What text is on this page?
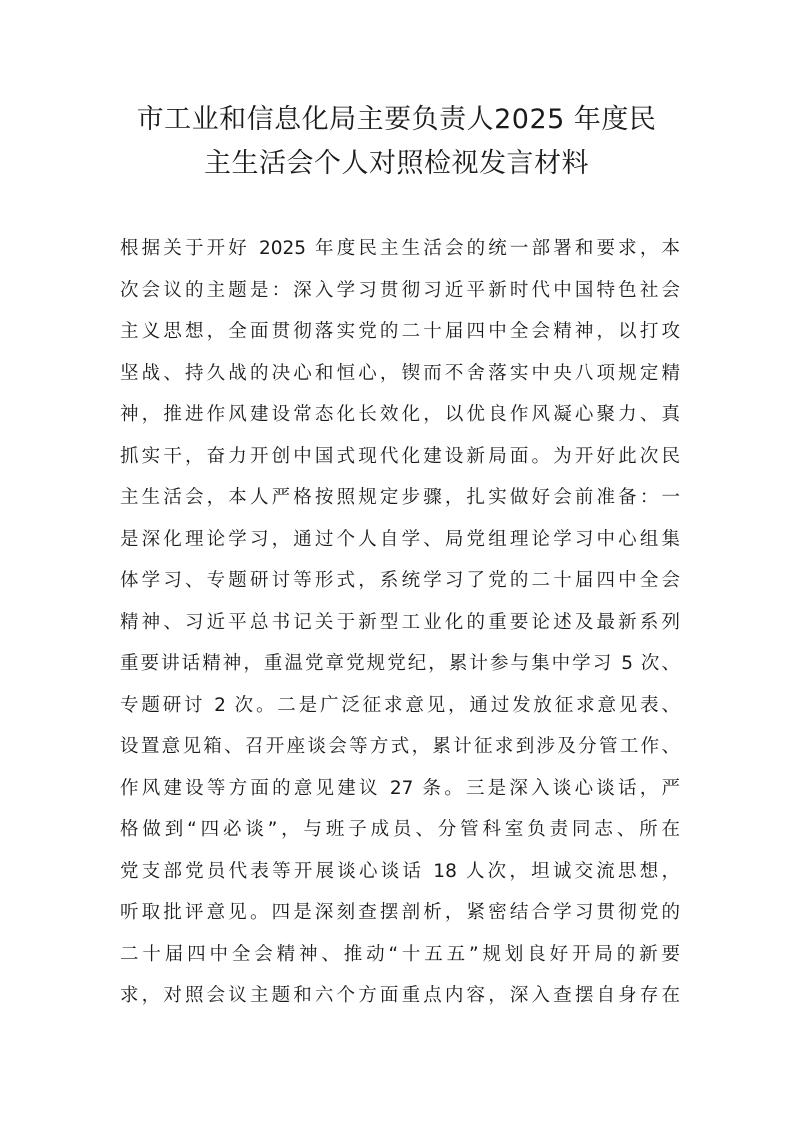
市工业和信息化局主要负责人2025 年度民
主生活会个人对照检视发言材料
根据关于开好 2025 年度民主生活会的统一部署和要求，本
次会议的主题是：深入学习贯彻习近平新时代中国特色社会
主义思想，全面贯彻落实党的二十届四中全会精神，以打攻
坚战、持久战的决心和恒心，锲而不舍落实中央八项规定精
神，推进作风建设常态化长效化，以优良作风凝心聚力、真
抓实干，奋力开创中国式现代化建设新局面。为开好此次民
主生活会，本人严格按照规定步骤，扎实做好会前准备：一
是深化理论学习，通过个人自学、局党组理论学习中心组集
体学习、专题研讨等形式，系统学习了党的二十届四中全会
精神、习近平总书记关于新型工业化的重要论述及最新系列
重要讲话精神，重温党章党规党纪，累计参与集中学习 5 次、
专题研讨 2 次。二是广泛征求意见，通过发放征求意见表、
设置意见箱、召开座谈会等方式，累计征求到涉及分管工作、
作风建设等方面的意见建议 27 条。三是深入谈心谈话，严
格做到“四必谈”，与班子成员、分管科室负责同志、所在
党支部党员代表等开展谈心谈话 18 人次，坦诚交流思想，
听取批评意见。四是深刻查摆剖析，紧密结合学习贯彻党的
二十届四中全会精神、推动“十五五”规划良好开局的新要
求，对照会议主题和六个方面重点内容，深入查摆自身存在
